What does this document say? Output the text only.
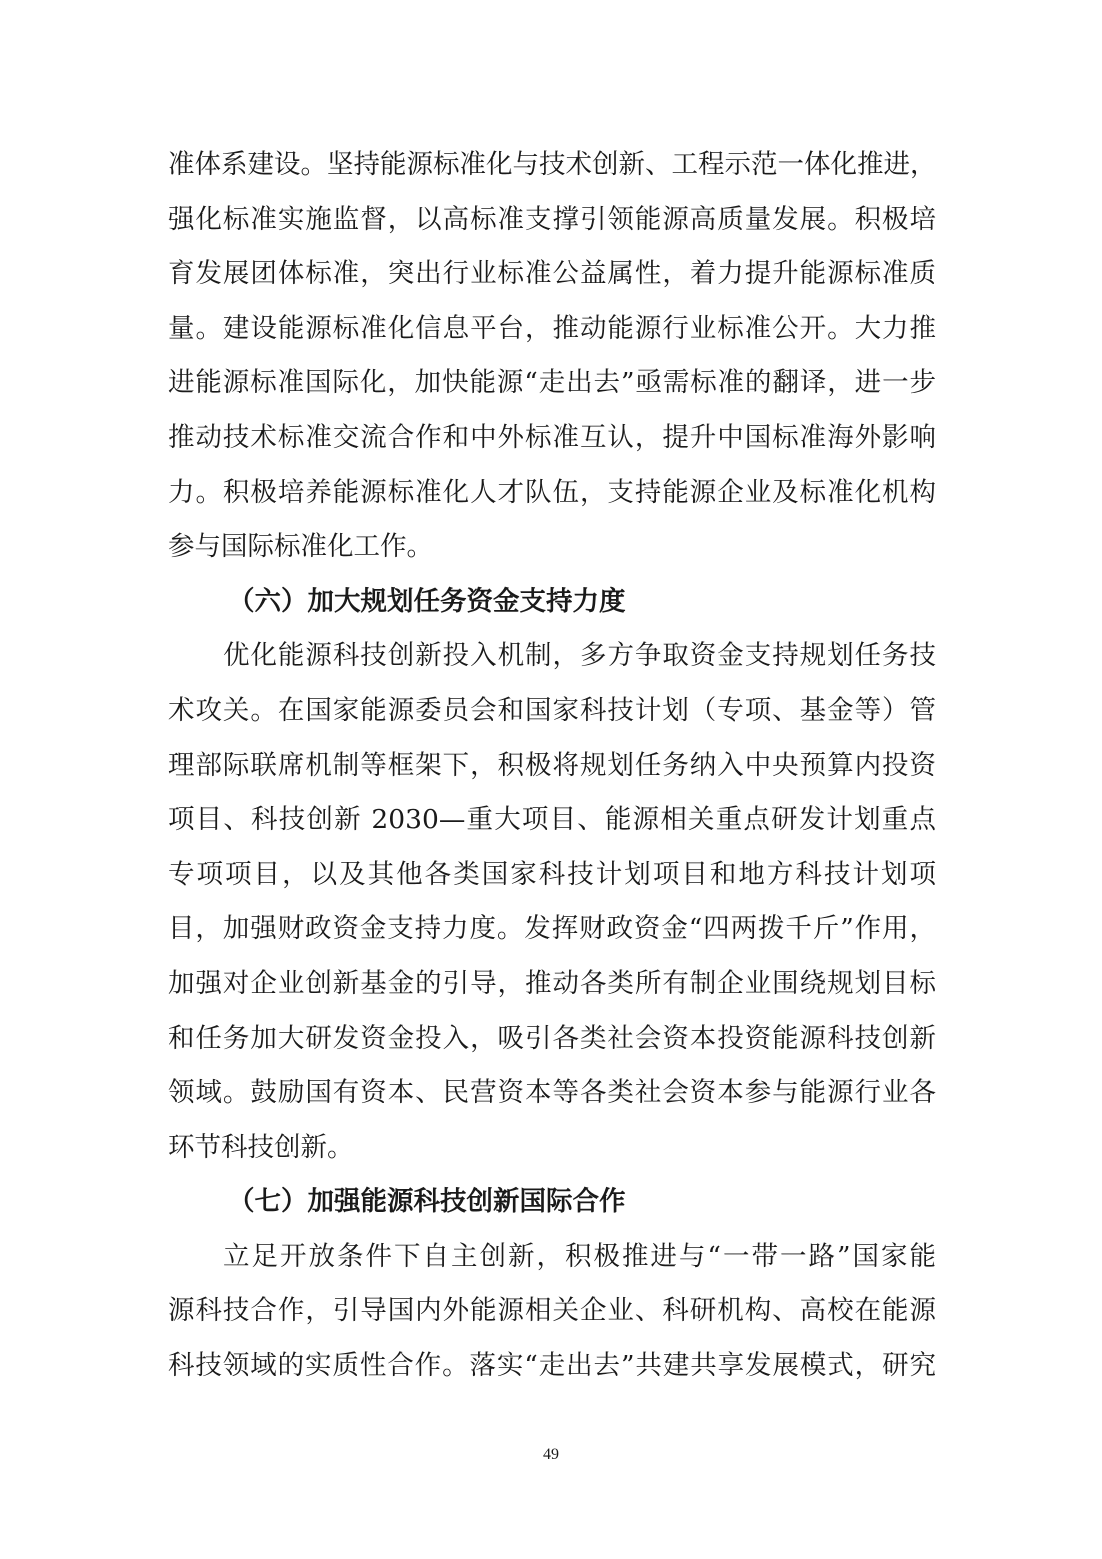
准体系建设。坚持能源标准化与技术创新、工程示范一体化推进，
强化标准实施监督，以高标准支撑引领能源高质量发展。积极培
育发展团体标准，突出行业标准公益属性，着力提升能源标准质
量。建设能源标准化信息平台，推动能源行业标准公开。大力推
进能源标准国际化，加快能源“走出去”亟需标准的翻译，进一步
推动技术标准交流合作和中外标准互认，提升中国标准海外影响
力。积极培养能源标准化人才队伍，支持能源企业及标准化机构
参与国际标准化工作。
（六）加大规划任务资金支持力度
优化能源科技创新投入机制，多方争取资金支持规划任务技
术攻关。在国家能源委员会和国家科技计划（专项、基金等）管
理部际联席机制等框架下，积极将规划任务纳入中央预算内投资
项目、科技创新 2030—重大项目、能源相关重点研发计划重点
专项项目，以及其他各类国家科技计划项目和地方科技计划项
目，加强财政资金支持力度。发挥财政资金“四两拨千斤”作用，
加强对企业创新基金的引导，推动各类所有制企业围绕规划目标
和任务加大研发资金投入，吸引各类社会资本投资能源科技创新
领域。鼓励国有资本、民营资本等各类社会资本参与能源行业各
环节科技创新。
（七）加强能源科技创新国际合作
立足开放条件下自主创新，积极推进与“一带一路”国家能
源科技合作，引导国内外能源相关企业、科研机构、高校在能源
科技领域的实质性合作。落实“走出去”共建共享发展模式，研究
49
